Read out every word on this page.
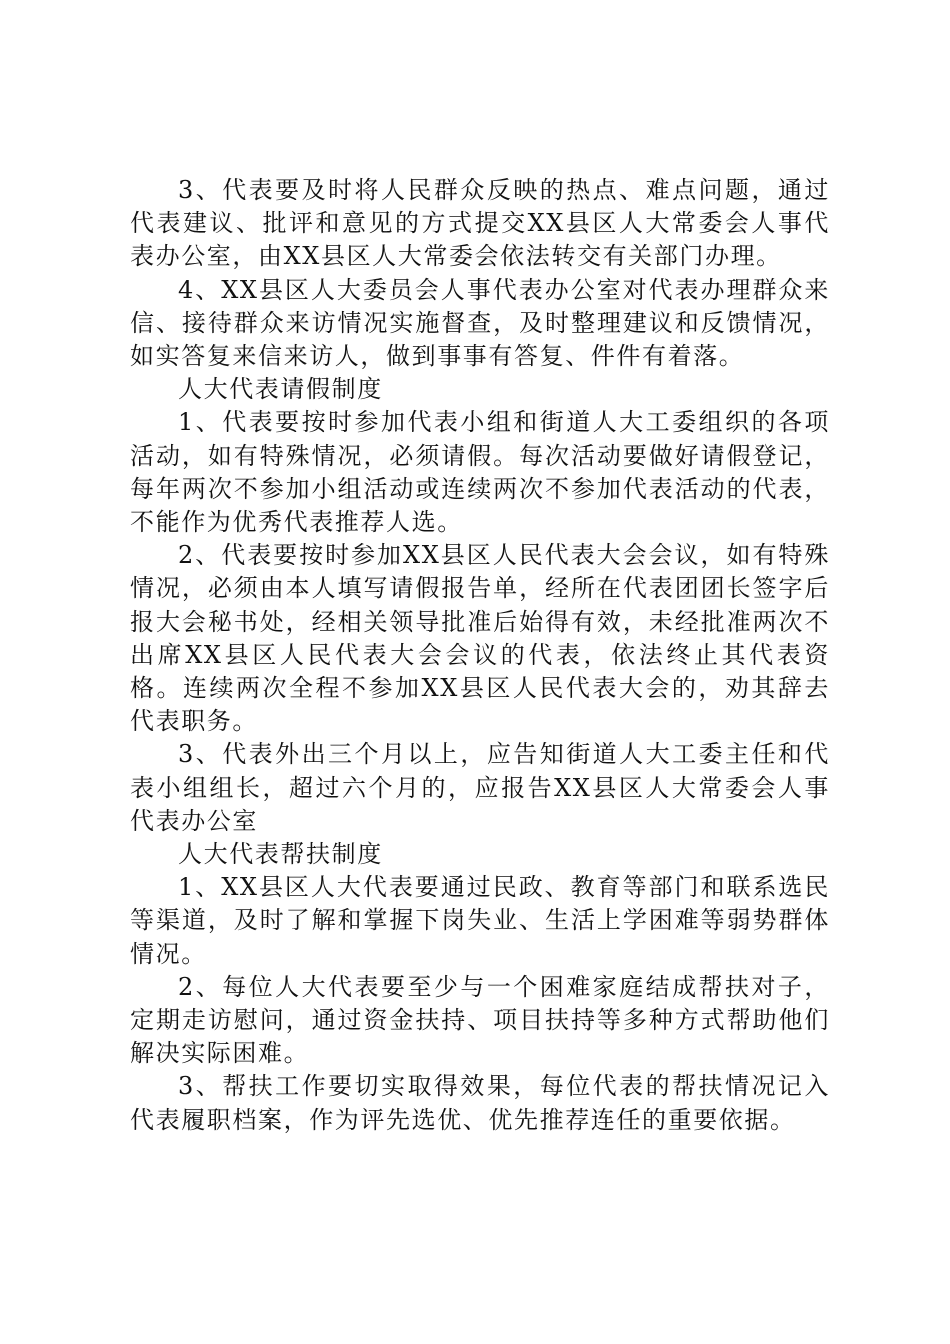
3、代表要及时将人民群众反映的热点、难点问题，通过代表建议、批评和意见的方式提交XX县区人大常委会人事代表办公室，由XX县区人大常委会依法转交有关部门办理。

4、XX县区人大委员会人事代表办公室对代表办理群众来信、接待群众来访情况实施督查，及时整理建议和反馈情况，如实答复来信来访人，做到事事有答复、件件有着落。

人大代表请假制度

1、代表要按时参加代表小组和街道人大工委组织的各项活动，如有特殊情况，必须请假。每次活动要做好请假登记，每年两次不参加小组活动或连续两次不参加代表活动的代表，不能作为优秀代表推荐人选。

2、代表要按时参加XX县区人民代表大会会议，如有特殊情况，必须由本人填写请假报告单，经所在代表团团长签字后报大会秘书处，经相关领导批准后始得有效，未经批准两次不出席XX县区人民代表大会会议的代表，依法终止其代表资格。连续两次全程不参加XX县区人民代表大会的，劝其辞去代表职务。

3、代表外出三个月以上，应告知街道人大工委主任和代表小组组长，超过六个月的，应报告XX县区人大常委会人事代表办公室

人大代表帮扶制度

1、XX县区人大代表要通过民政、教育等部门和联系选民等渠道，及时了解和掌握下岗失业、生活上学困难等弱势群体情况。

2、每位人大代表要至少与一个困难家庭结成帮扶对子，定期走访慰问，通过资金扶持、项目扶持等多种方式帮助他们解决实际困难。

3、帮扶工作要切实取得效果，每位代表的帮扶情况记入代表履职档案，作为评先选优、优先推荐连任的重要依据。
